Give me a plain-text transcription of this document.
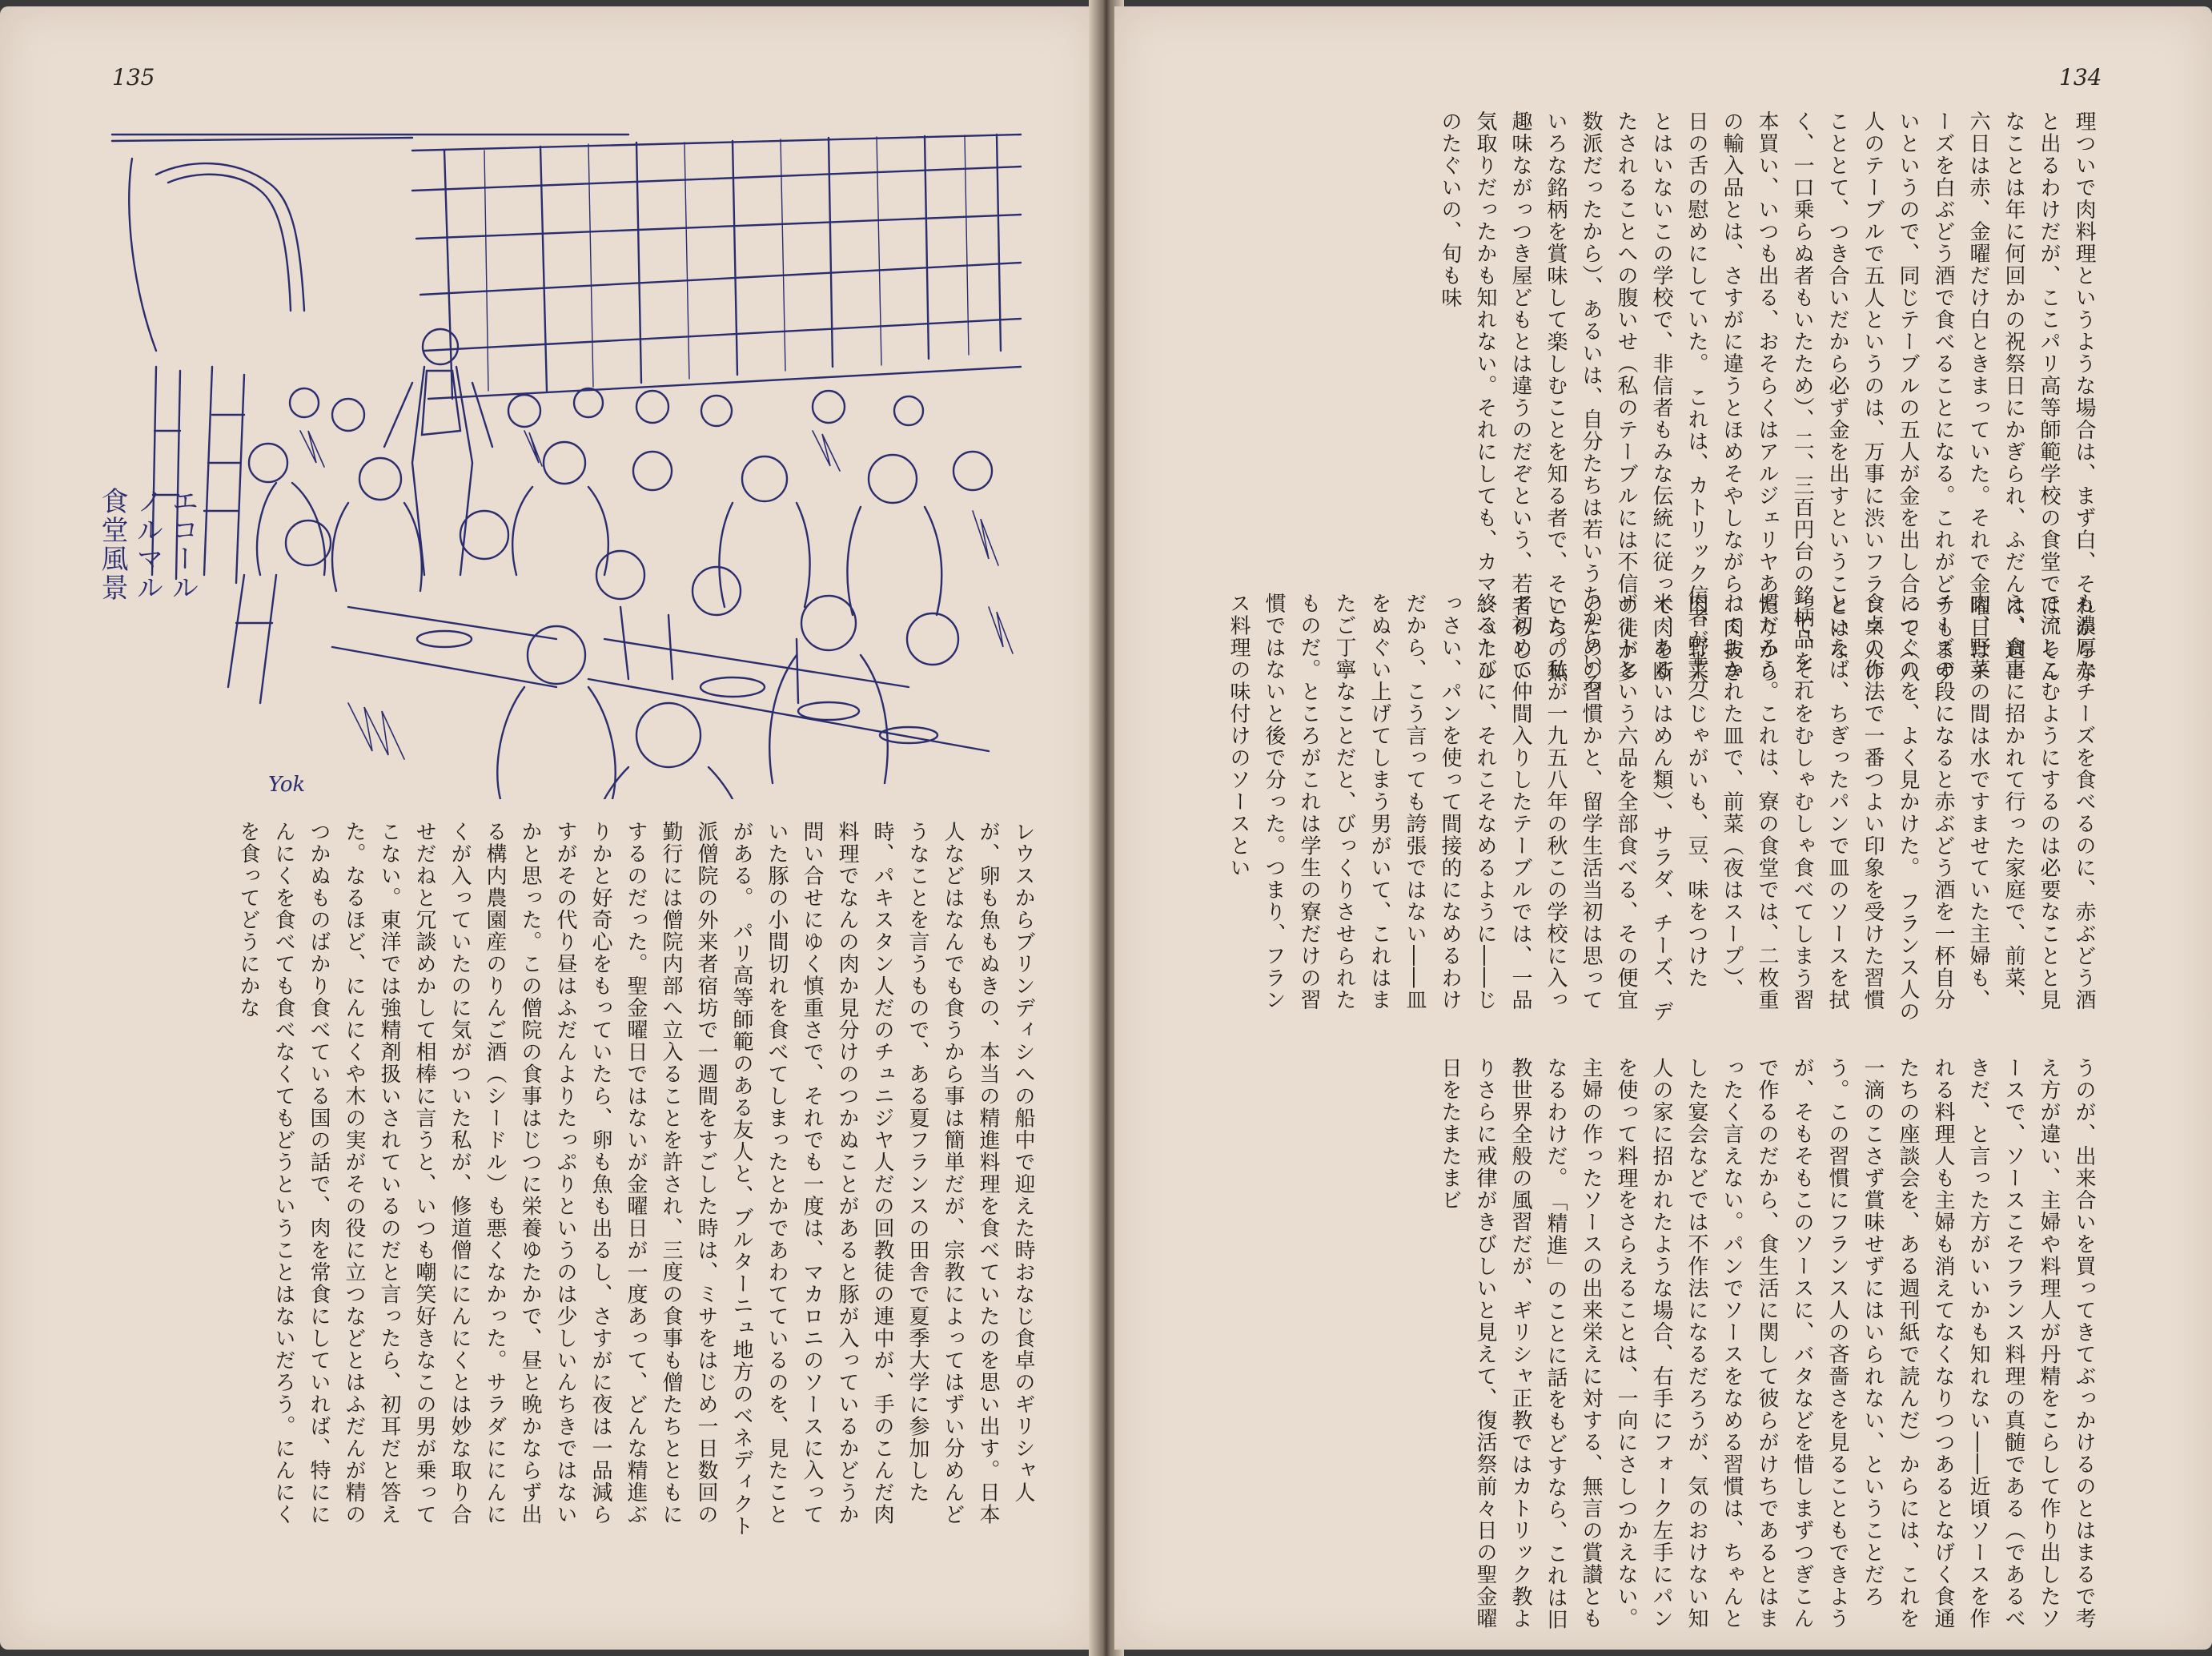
135
Yok
エコール
ノルマル
食堂風景
134
理ついで肉料理というような場合は、まず白、それから赤と出るわけだが、ここパリ高等師範学校の食堂では、そんなことは年に何回かの祝祭日にかぎられ、ふだんは、週に六日は赤、金曜だけ白ときまっていた。それで金曜日はチーズを白ぶどう酒で食べることになる。これがどうもまずいというので、同じテーブルの五人が金を出し合って（八人のテーブルで五人というのは、万事に渋いフランス人のこととて、つき合いだから必ず金を出すということはなく、一口乗らぬ者もいたため）、二、三百円台の銘柄品を一本買い、いつも出る、おそらくはアルジェリヤあたりからの輸入品とは、さすがに違うとほめそやしながら、肉抜き日の舌の慰めにしていた。　これは、カトリック信者が半分とはいないこの学校で、非信者もみな伝統に従って肉を断たされることへの腹いせ（私のテーブルには不信の徒が多数派だったから）、あるいは、自分たちは若いうちからいろいろな銘柄を賞味して楽しむことを知る者で、そこらの無趣味ながっつき屋どもとは違うのだぞという、若者らしい気取りだったかも知れない。それにしても、カマンベールのたぐいの、旬も味
うのが、出来合いを買ってきてぶっかけるのとはまるで考え方が違い、主婦や料理人が丹精をこらして作り出したソースで、ソースこそフランス料理の真髄である（であるべきだ、と言った方がいいかも知れない――近頃ソースを作れる料理人も主婦も消えてなくなりつつあるとなげく食通たちの座談会を、ある週刊紙で読んだ）からには、これを一滴のこさず賞味せずにはいられない、ということだろう。この習慣にフランス人の吝嗇さを見ることもできようが、そもそもこのソースに、バタなどを惜しまずつぎこんで作るのだから、食生活に関して彼らがけちであるとはまったく言えない。パンでソースをなめる習慣は、ちゃんとした宴会などでは不作法になるだろうが、気のおけない知人の家に招かれたような場合、右手にフォーク左手にパンを使って料理をさらえることは、一向にさしつかえない。主婦の作ったソースの出来栄えに対する、無言の賞讃ともなるわけだ。　「精進」のことに話をもどすなら、これは旧教世界全般の風習だが、ギリシャ正教ではカトリック教よりさらに戒律がきびしいと見えて、復活祭前々日の聖金曜日をたまたまビ
も濃厚なチーズを食べるのに、赤ぶどう酒で流しこむようにするのは必要なことと見え、食事に招かれて行った家庭で、前菜、肉、野菜の間は水ですませていた主婦も、チーズの段になると赤ぶどう酒を一杯自分につぐのを、よく見かけた。　フランス人の食卓の作法で一番つよい印象を受けた習慣といえば、ちぎったパンで皿のソースを拭って、それをむしゃむしゃ食べてしまう習慣だろう。これは、寮の食堂では、二枚重ねておかれた皿で、前菜（夜はスープ）、肉、野菜（じゃがいも、豆、味をつけた米、あるいはめん類）、サラダ、チーズ、デザートという六品を全部食べる、その便宜のための習慣かと、留学生活当初は思っていた。私が一九五八年の秋この学校に入って初めて仲間入りしたテーブルでは、一品終るたびに、それこそなめるように――じっさい、パンを使って間接的になめるわけだから、こう言っても誇張ではない――皿をぬぐい上げてしまう男がいて、これはまたご丁寧なことだと、びっくりさせられたものだ。ところがこれは学生の寮だけの習慣ではないと後で分った。つまり、フランス料理の味付けのソースとい
レウスからブリンディシへの船中で迎えた時おなじ食卓のギリシャ人が、卵も魚もぬきの、本当の精進料理を食べていたのを思い出す。日本人などはなんでも食うから事は簡単だが、宗教によってはずい分めんどうなことを言うもので、ある夏フランスの田舎で夏季大学に参加した時、パキスタン人だのチュニジヤ人だの回教徒の連中が、手のこんだ肉料理でなんの肉か見分けのつかぬことがあると豚が入っているかどうか問い合せにゆく慎重さで、それでも一度は、マカロニのソースに入っていた豚の小間切れを食べてしまったとかであわてているのを、見たことがある。　パリ高等師範のある友人と、ブルターニュ地方のベネディクト派僧院の外来者宿坊で一週間をすごした時は、ミサをはじめ一日数回の勤行には僧院内部へ立入ることを許され、三度の食事も僧たちとともにするのだった。聖金曜日ではないが金曜日が一度あって、どんな精進ぶりかと好奇心をもっていたら、卵も魚も出るし、さすがに夜は一品減らすがその代り昼はふだんよりたっぷりというのは少しいんちきではないかと思った。この僧院の食事はじつに栄養ゆたかで、昼と晩かならず出る構内農園産のりんご酒（シードル）も悪くなかった。サラダににんにくが入っていたのに気がついた私が、修道僧ににんにくとは妙な取り合せだねと冗談めかして相棒に言うと、いつも嘲笑好きなこの男が乗ってこない。東洋では強精剤扱いされているのだと言ったら、初耳だと答えた。なるほど、にんにくや木の実がその役に立つなどとはふだんが精のつかぬものばかり食べている国の話で、肉を常食にしていれば、特ににんにくを食べても食べなくてもどうということはないだろう。にんにくを食ってどうにかな
